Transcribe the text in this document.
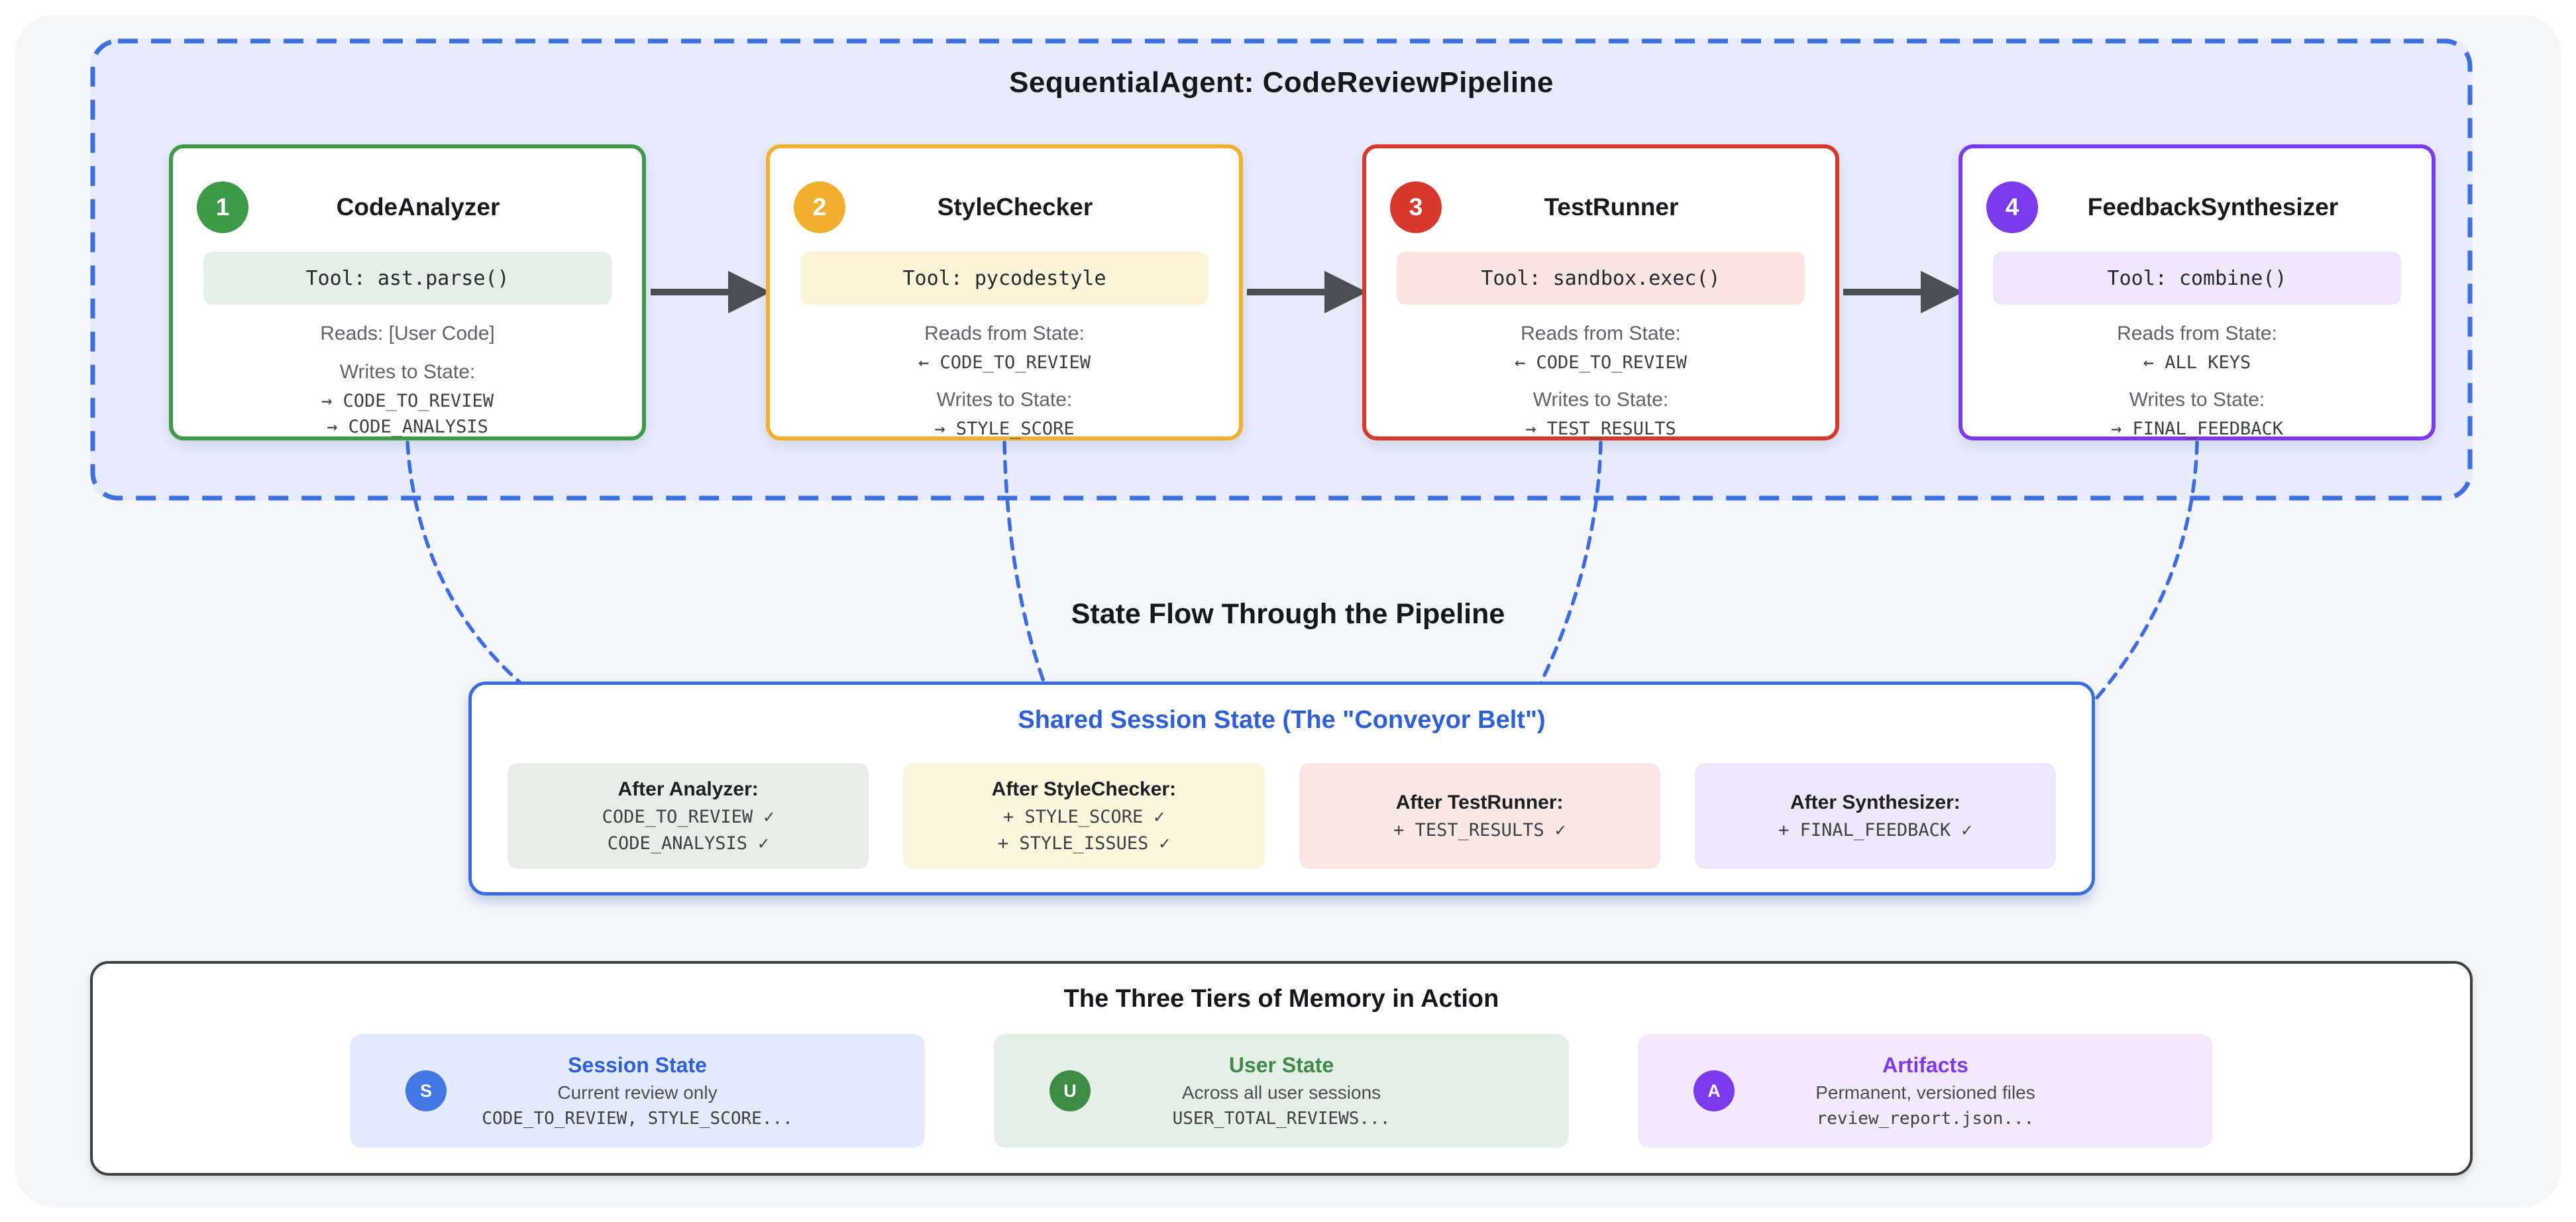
SequentialAgent: CodeReviewPipeline
1	CodeAnalyzer
Tool: ast.parse()
Reads: [User Code]
Writes to State:
→ CODE_TO_REVIEW
→ CODE_ANALYSIS
2	StyleChecker
Tool: pycodestyle
Reads from State:
← CODE_TO_REVIEW
Writes to State:
→ STYLE_SCORE
3	TestRunner
Tool: sandbox.exec()
Reads from State:
← CODE_TO_REVIEW
Writes to State:
→ TEST_RESULTS
4	FeedbackSynthesizer
Tool: combine()
Reads from State:
← ALL KEYS
Writes to State:
→ FINAL_FEEDBACK
State Flow Through the Pipeline
Shared Session State (The "Conveyor Belt")
After Analyzer:
CODE_TO_REVIEW ✓
CODE_ANALYSIS ✓
After StyleChecker:
+ STYLE_SCORE ✓
+ STYLE_ISSUES ✓
After TestRunner:
+ TEST_RESULTS ✓
After Synthesizer:
+ FINAL_FEEDBACK ✓
The Three Tiers of Memory in Action
S
Session State
Current review only
CODE_TO_REVIEW, STYLE_SCORE...
U
User State
Across all user sessions
USER_TOTAL_REVIEWS...
A
Artifacts
Permanent, versioned files
review_report.json...
